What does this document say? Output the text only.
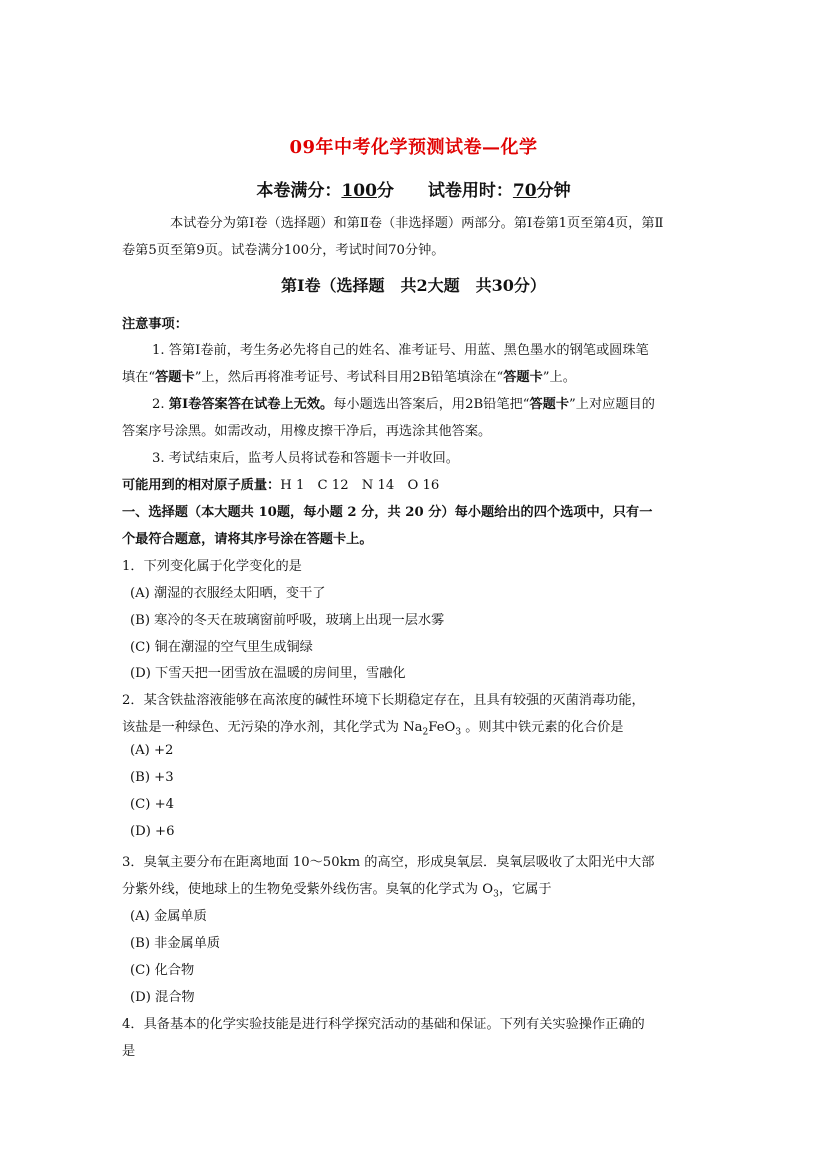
09年中考化学预测试卷—化学
本卷满分：100分 试卷用时：70分钟
本试卷分为第Ⅰ卷（选择题）和第Ⅱ卷（非选择题）两部分。第Ⅰ卷第1页至第4页，第Ⅱ
卷第5页至第9页。试卷满分100分，考试时间70分钟。
第Ⅰ卷（选择题　共2大题　共30分）
注意事项：
1. 答第Ⅰ卷前，考生务必先将自己的姓名、准考证号、用蓝、黑色墨水的钢笔或圆珠笔
填在“答题卡”上，然后再将准考证号、考试科目用2B铅笔填涂在“答题卡”上。
2. 第Ⅰ卷答案答在试卷上无效。每小题选出答案后，用2B铅笔把“答题卡”上对应题目的
答案序号涂黑。如需改动，用橡皮擦干净后，再选涂其他答案。
3. 考试结束后，监考人员将试卷和答题卡一并收回。
可能用到的相对原子质量：H 1　C 12　N 14　O 16
一、选择题（本大题共 10题，每小题 2 分，共 20 分）每小题给出的四个选项中，只有一
个最符合题意，请将其序号涂在答题卡上。
1．下列变化属于化学变化的是
(A) 潮湿的衣服经太阳晒，变干了
(B) 寒冷的冬天在玻璃窗前呼吸，玻璃上出现一层水雾
(C) 铜在潮湿的空气里生成铜绿
(D) 下雪天把一团雪放在温暖的房间里，雪融化
2．某含铁盐溶液能够在高浓度的碱性环境下长期稳定存在，且具有较强的灭菌消毒功能，
该盐是一种绿色、无污染的净水剂，其化学式为 $Na_2FeO_3$ 。则其中铁元素的化合价是
(A) +2
(B) +3
(C) +4
(D) +6
3．臭氧主要分布在距离地面 10～50km 的高空，形成臭氧层．臭氧层吸收了太阳光中大部
分紫外线，使地球上的生物免受紫外线伤害。臭氧的化学式为 $O_3$，它属于
(A) 金属单质
(B) 非金属单质
(C) 化合物
(D) 混合物
4．具备基本的化学实验技能是进行科学探究活动的基础和保证。下列有关实验操作正确的
是
